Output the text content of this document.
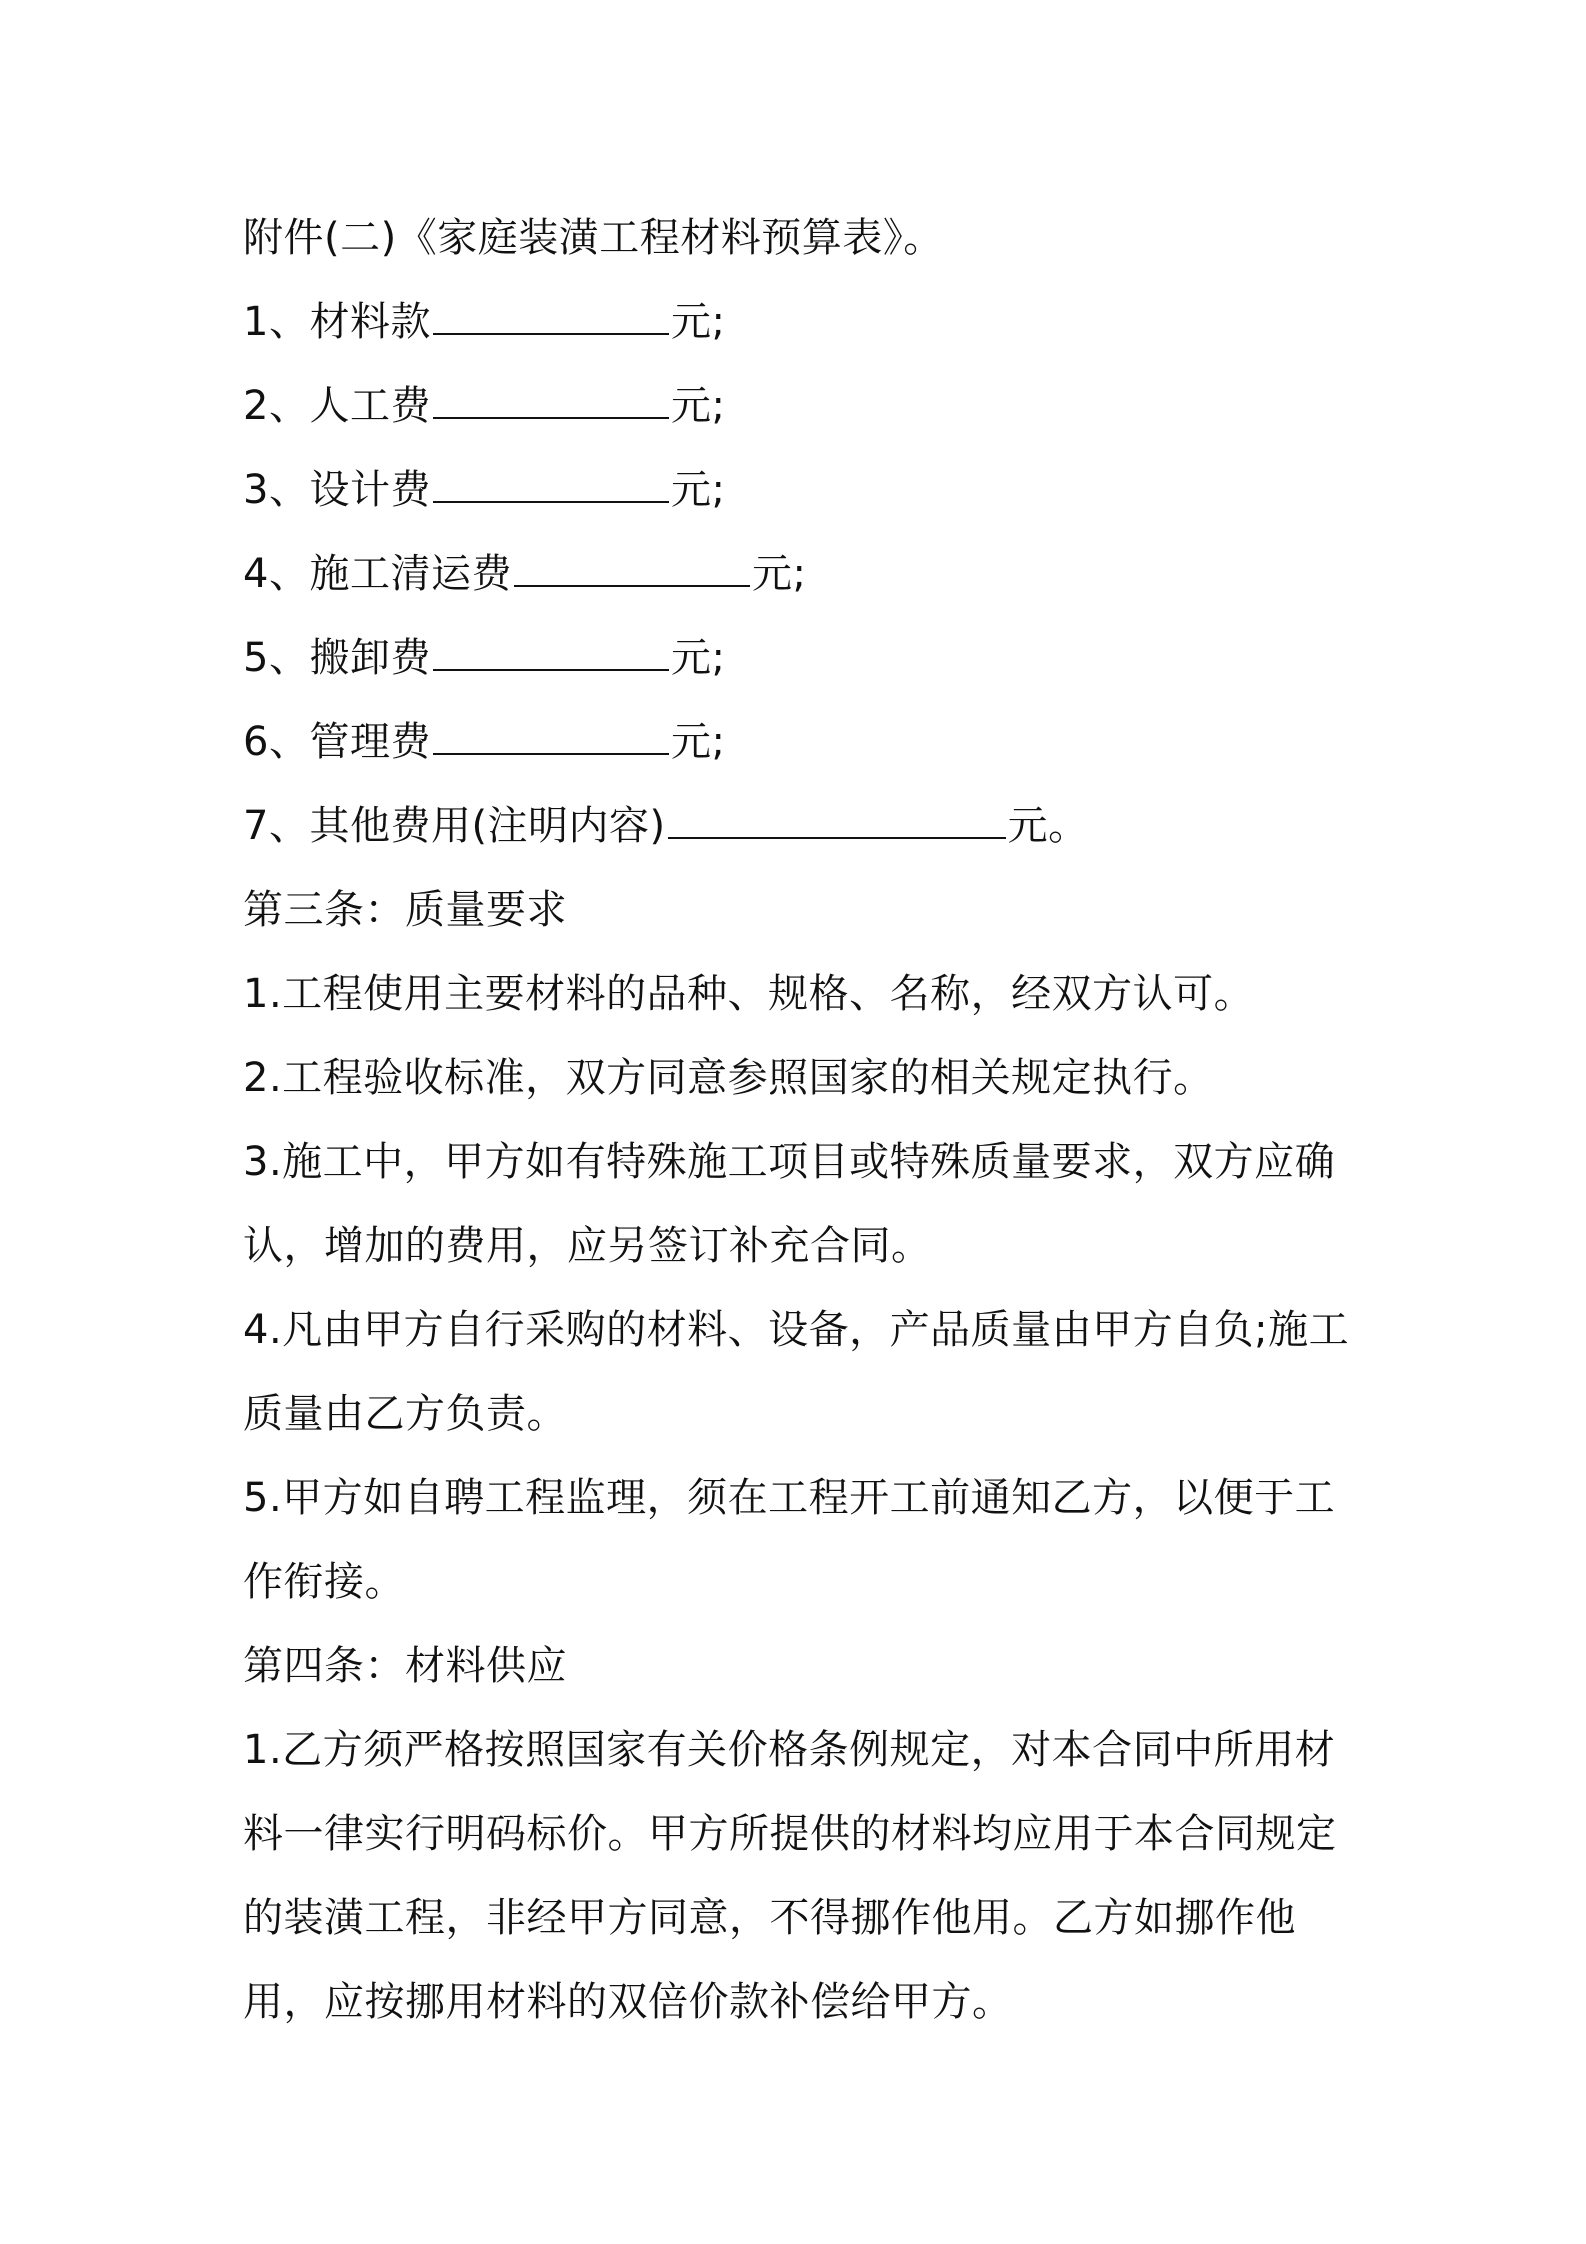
附件(二)《家庭装潢工程材料预算表》。
1、材料款	元;
2、人工费	元;
3、设计费	元;
4、施工清运费	元;
5、搬卸费	元;
6、管理费	元;
7、其他费用(注明内容)	元。
第三条：质量要求
1.工程使用主要材料的品种、规格、名称，经双方认可。
2.工程验收标准，双方同意参照国家的相关规定执行。
3.施工中，甲方如有特殊施工项目或特殊质量要求，双方应确认，增加的费用，应另签订补充合同。
4.凡由甲方自行采购的材料、设备，产品质量由甲方自负;施工质量由乙方负责。
5.甲方如自聘工程监理，须在工程开工前通知乙方，以便于工作衔接。
第四条：材料供应
1.乙方须严格按照国家有关价格条例规定，对本合同中所用材料一律实行明码标价。甲方所提供的材料均应用于本合同规定的装潢工程，非经甲方同意，不得挪作他用。乙方如挪作他用，应按挪用材料的双倍价款补偿给甲方。
